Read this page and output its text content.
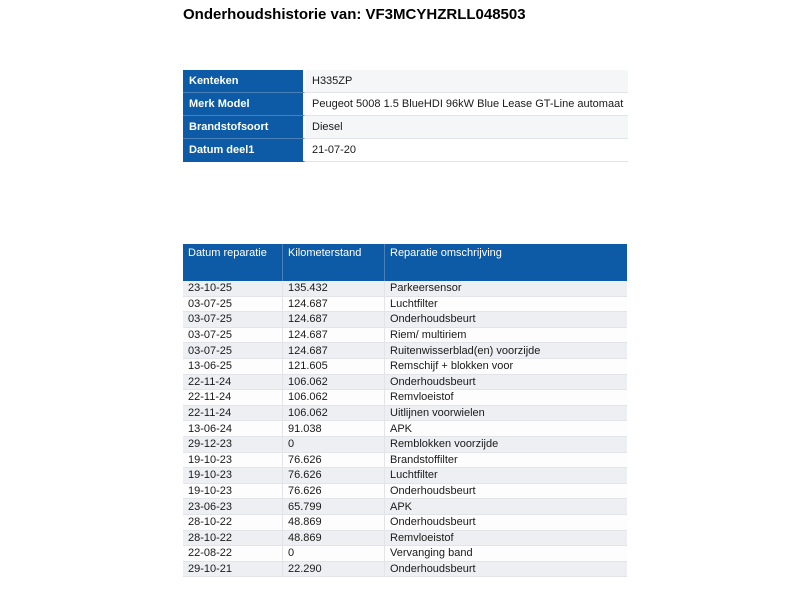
Onderhoudshistorie van: VF3MCYHZRLL048503
Kenteken	H335ZP
Merk Model	Peugeot 5008 1.5 BlueHDI 96kW Blue Lease GT-Line automaat
Brandstofsoort	Diesel
Datum deel1	21-07-20
Datum reparatie	Kilometerstand	Reparatie omschrijving
23-10-25	135.432	Parkeersensor
03-07-25	124.687	Luchtfilter
03-07-25	124.687	Onderhoudsbeurt
03-07-25	124.687	Riem/ multiriem
03-07-25	124.687	Ruitenwisserblad(en) voorzijde
13-06-25	121.605	Remschijf + blokken voor
22-11-24	106.062	Onderhoudsbeurt
22-11-24	106.062	Remvloeistof
22-11-24	106.062	Uitlijnen voorwielen
13-06-24	91.038	APK
29-12-23	0	Remblokken voorzijde
19-10-23	76.626	Brandstoffilter
19-10-23	76.626	Luchtfilter
19-10-23	76.626	Onderhoudsbeurt
23-06-23	65.799	APK
28-10-22	48.869	Onderhoudsbeurt
28-10-22	48.869	Remvloeistof
22-08-22	0	Vervanging band
29-10-21	22.290	Onderhoudsbeurt
